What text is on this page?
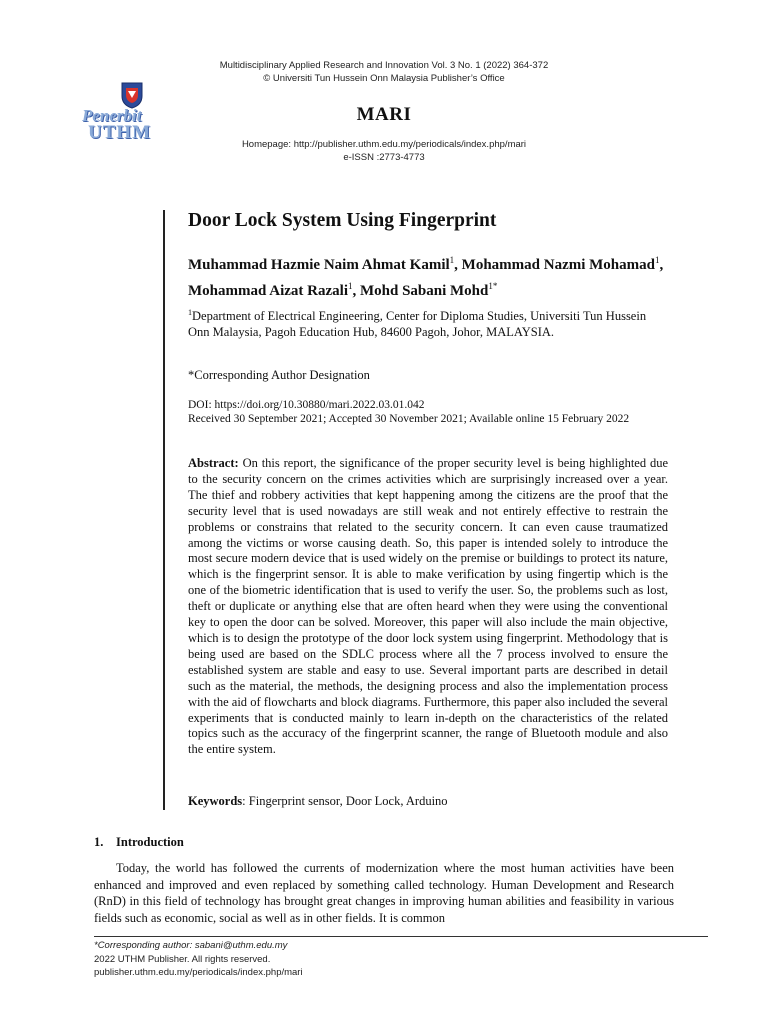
Multidisciplinary Applied Research and Innovation Vol. 3 No. 1 (2022) 364-372
© Universiti Tun Hussein Onn Malaysia Publisher’s Office
Penerbit
UTHM
MARI
Homepage: http://publisher.uthm.edu.my/periodicals/index.php/mari
e-ISSN :2773-4773
Door Lock System Using Fingerprint
Muhammad Hazmie Naim Ahmat Kamil$^1$, Mohammad Nazmi Mohamad$^1$, Mohammad Aizat Razali$^1$, Mohd Sabani Mohd$^{1*}$
$^1$Department of Electrical Engineering, Center for Diploma Studies, Universiti Tun Hussein Onn Malaysia, Pagoh Education Hub, 84600 Pagoh, Johor, MALAYSIA.
*Corresponding Author Designation
DOI: https://doi.org/10.30880/mari.2022.03.01.042
Received 30 September 2021; Accepted 30 November 2021; Available online 15 February 2022
Abstract: On this report, the significance of the proper security level is being highlighted due to the security concern on the crimes activities which are surprisingly increased over a year. The thief and robbery activities that kept happening among the citizens are the proof that the security level that is used nowadays are still weak and not entirely effective to restrain the problems or constrains that related to the security concern. It can even cause traumatized among the victims or worse causing death. So, this paper is intended solely to introduce the most secure modern device that is used widely on the premise or buildings to protect its nature, which is the fingerprint sensor. It is able to make verification by using fingertip which is the one of the biometric identification that is used to verify the user. So, the problems such as lost, theft or duplicate or anything else that are often heard when they were using the conventional key to open the door can be solved. Moreover, this paper will also include the main objective, which is to design the prototype of the door lock system using fingerprint. Methodology that is being used are based on the SDLC process where all the 7 process involved to ensure the established system are stable and easy to use. Several important parts are described in detail such as the material, the methods, the designing process and also the implementation process with the aid of flowcharts and block diagrams. Furthermore, this paper also included the several experiments that is conducted mainly to learn in-depth on the characteristics of the related topics such as the accuracy of the fingerprint scanner, the range of Bluetooth module and also the entire system.
Keywords: Fingerprint sensor, Door Lock, Arduino
1. Introduction
Today, the world has followed the currents of modernization where the most human activities have been enhanced and improved and even replaced by something called technology. Human Development and Research (RnD) in this field of technology has brought great changes in improving human abilities and feasibility in various fields such as economic, social as well as in other fields. It is common
*Corresponding author: sabani@uthm.edu.my
2022 UTHM Publisher. All rights reserved.
publisher.uthm.edu.my/periodicals/index.php/mari
